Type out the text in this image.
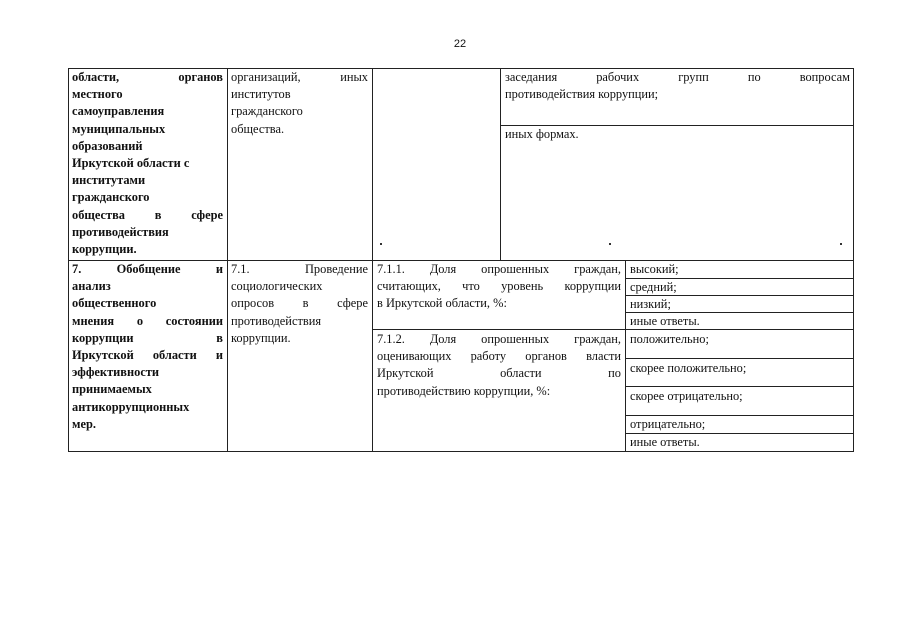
22
области, органов
местного
самоуправления
муниципальных
образований
Иркутской области с
институтами
гражданского
общества в сфере
противодействия
коррупции.
организаций, иных
институтов
гражданского
общества.
заседания рабочих групп по вопросам
противодействия коррупции;
иных формах.
7. Обобщение и
анализ
общественного
мнения о состоянии
коррупции в
Иркутской области и
эффективности
принимаемых
антикоррупционных
мер.
7.1. Проведение
социологических
опросов в сфере
противодействия
коррупции.
7.1.1. Доля опрошенных граждан,
считающих, что уровень коррупции
в Иркутской области, %:
7.1.2. Доля опрошенных граждан,
оценивающих работу органов власти
Иркутской области по
противодействию коррупции, %:
высокий;
средний;
низкий;
иные ответы.
положительно;
скорее положительно;
скорее отрицательно;
отрицательно;
иные ответы.
